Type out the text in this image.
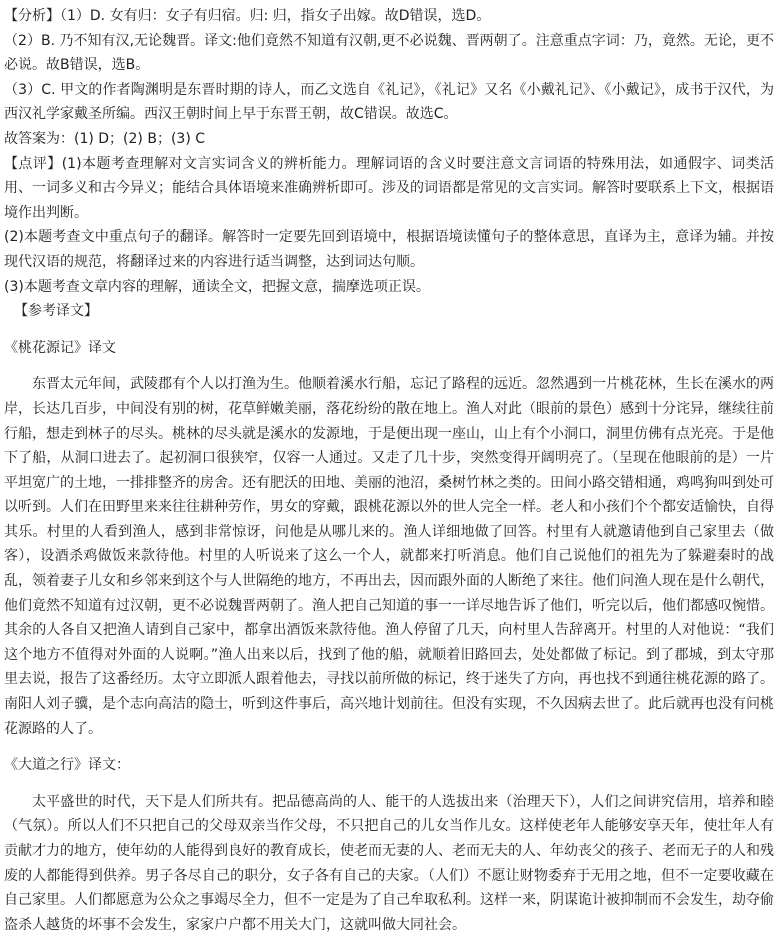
【分析】（1）D. 女有归：女子有归宿。归: 归，指女子出嫁。故D错误，选D。

（2）B. 乃不知有汉,无论魏晋。译文:他们竟然不知道有汉朝,更不必说魏、晋两朝了。注意重点字词：乃，竟然。无论，更不必说。故B错误，选B。

（3）C. 甲文的作者陶渊明是东晋时期的诗人，而乙文选自《礼记》，《礼记》又名《小戴礼记》、《小戴记》，成书于汉代，为西汉礼学家戴圣所编。西汉王朝时间上早于东晋王朝，故C错误。故选C。

故答案为：(1) D；(2) B；(3) C

【点评】(1)本题考查理解对文言实词含义的辨析能力。理解词语的含义时要注意文言词语的特殊用法，如通假字、词类活用、一词多义和古今异义；能结合具体语境来准确辨析即可。涉及的词语都是常见的文言实词。解答时要联系上下文，根据语境作出判断。

(2)本题考查文中重点句子的翻译。解答时一定要先回到语境中，根据语境读懂句子的整体意思，直译为主，意译为辅。并按现代汉语的规范，将翻译过来的内容进行适当调整，达到词达句顺。

(3)本题考查文章内容的理解，通读全文，把握文意，揣摩选项正误。

【参考译文】

《桃花源记》译文

东晋太元年间，武陵郡有个人以打渔为生。他顺着溪水行船，忘记了路程的远近。忽然遇到一片桃花林，生长在溪水的两岸，长达几百步，中间没有别的树，花草鲜嫩美丽，落花纷纷的散在地上。渔人对此（眼前的景色）感到十分诧异，继续往前行船，想走到林子的尽头。桃林的尽头就是溪水的发源地，于是便出现一座山，山上有个小洞口，洞里仿佛有点光亮。于是他下了船，从洞口进去了。起初洞口很狭窄，仅容一人通过。又走了几十步，突然变得开阔明亮了。（呈现在他眼前的是）一片平坦宽广的土地，一排排整齐的房舍。还有肥沃的田地、美丽的池沼，桑树竹林之类的。田间小路交错相通，鸡鸣狗叫到处可以听到。人们在田野里来来往往耕种劳作，男女的穿戴，跟桃花源以外的世人完全一样。老人和小孩们个个都安适愉快，自得其乐。村里的人看到渔人，感到非常惊讶，问他是从哪儿来的。渔人详细地做了回答。村里有人就邀请他到自己家里去（做客），设酒杀鸡做饭来款待他。村里的人听说来了这么一个人，就都来打听消息。他们自己说他们的祖先为了躲避秦时的战乱，领着妻子儿女和乡邻来到这个与人世隔绝的地方，不再出去，因而跟外面的人断绝了来往。他们问渔人现在是什么朝代，他们竟然不知道有过汉朝，更不必说魏晋两朝了。渔人把自己知道的事一一详尽地告诉了他们，听完以后，他们都感叹惋惜。其余的人各自又把渔人请到自己家中，都拿出酒饭来款待他。渔人停留了几天，向村里人告辞离开。村里的人对他说：“我们这个地方不值得对外面的人说啊。”渔人出来以后，找到了他的船，就顺着旧路回去，处处都做了标记。到了郡城，到太守那里去说，报告了这番经历。太守立即派人跟着他去，寻找以前所做的标记，终于迷失了方向，再也找不到通往桃花源的路了。南阳人刘子骥，是个志向高洁的隐士，听到这件事后，高兴地计划前往。但没有实现，不久因病去世了。此后就再也没有问桃花源路的人了。

《大道之行》译文：

太平盛世的时代，天下是人们所共有。把品德高尚的人、能干的人选拔出来（治理天下），人们之间讲究信用，培养和睦（气氛）。所以人们不只把自己的父母双亲当作父母，不只把自己的儿女当作儿女。这样使老年人能够安享天年，使壮年人有贡献才力的地方，使年幼的人能得到良好的教育成长，使老而无妻的人、老而无夫的人、年幼丧父的孩子、老而无子的人和残废的人都能得到供养。男子各尽自己的职分，女子各有自己的夫家。（人们）不愿让财物委弃于无用之地，但不一定要收藏在自己家里。人们都愿意为公众之事竭尽全力，但不一定是为了自己牟取私利。这样一来，阴谋诡计被抑制而不会发生，劫夺偷盗杀人越货的坏事不会发生，家家户户都不用关大门，这就叫做大同社会。
